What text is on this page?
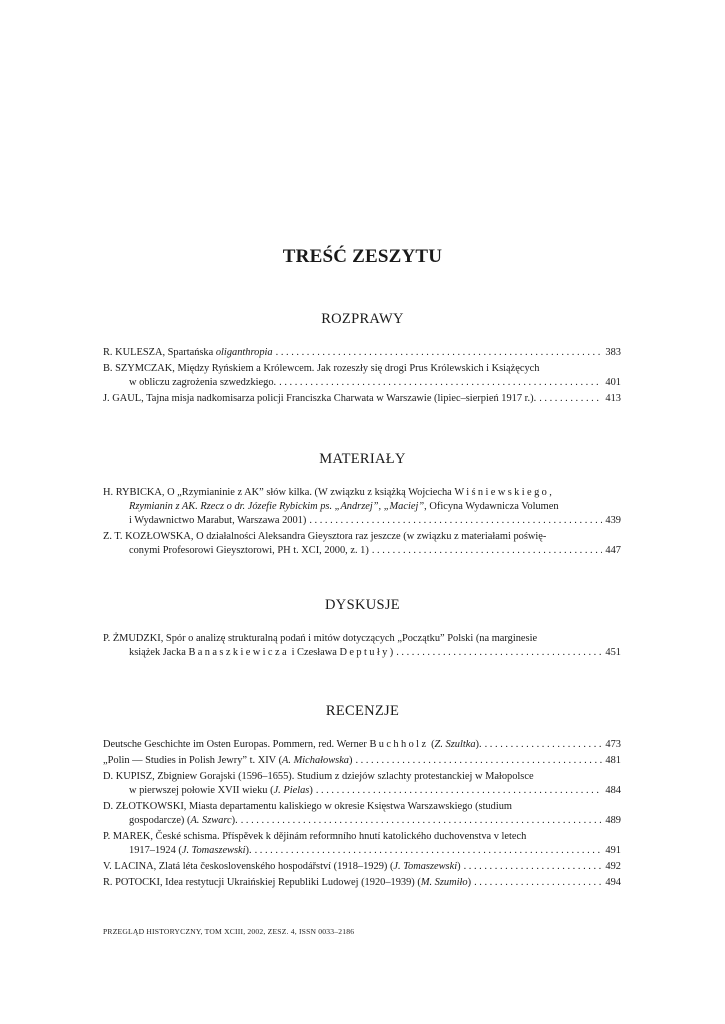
TREŚĆ ZESZYTU
ROZPRAWY
R. KULESZA, Spartańska oliganthropia . . .	383
B. SZYMCZAK, Między Ryńskiem a Królewcem. Jak rozeszły się drogi Prus Królewskich i Książęcych
w obliczu zagrożenia szwedzkiego. . . .	401
J. GAUL, Tajna misja nadkomisarza policji Franciszka Charwata w Warszawie (lipiec–sierpień 1917 r.). . . .	413
MATERIAŁY
H. RYBICKA, O „Rzymianinie z AK” słów kilka. (W związku z książką Wojciecha Wiśniewskiego,
Rzymianin z AK. Rzecz o dr. Józefie Rybickim ps. „Andrzej”, „Maciej”, Oficyna Wydawnicza Volumen
i Wydawnictwo Marabut, Warszawa 2001) . . .	439
Z. T. KOZŁOWSKA, O działalności Aleksandra Gieysztora raz jeszcze (w związku z materiałami poświę-
conymi Profesorowi Gieysztorowi, PH t. XCI, 2000, z. 1) . . .	447
DYSKUSJE
P. ŻMUDZKI, Spór o analizę strukturalną podań i mitów dotyczących „Początku” Polski (na marginesie
książek Jacka Banaszkiewicza i Czesława Deptuły) . . .	451
RECENZJE
Deutsche Geschichte im Osten Europas. Pommern, red. Werner Buchholz (Z. Szultka). . . .	473
„Polin — Studies in Polish Jewry” t. XIV (A. Michałowska) . . .	481
D. KUPISZ, Zbigniew Gorajski (1596–1655). Studium z dziejów szlachty protestanckiej w Małopolsce
w pierwszej połowie XVII wieku (J. Pielas) . . .	484
D. ZŁOTKOWSKI, Miasta departamentu kaliskiego w okresie Księstwa Warszawskiego (studium
gospodarcze) (A. Szwarc). . . .	489
P. MAREK, České schisma. Příspěvek k dějinám reformního hnutí katolického duchovenstva v letech
1917–1924 (J. Tomaszewski). . . .	491
V. LACINA, Zlatá léta československého hospodářství (1918–1929) (J. Tomaszewski) . . .	492
R. POTOCKI, Idea restytucji Ukraińskiej Republiki Ludowej (1920–1939) (M. Szumiło) . . .	494
PRZEGLĄD HISTORYCZNY, TOM XCIII, 2002, ZESZ. 4, ISSN 0033–2186
